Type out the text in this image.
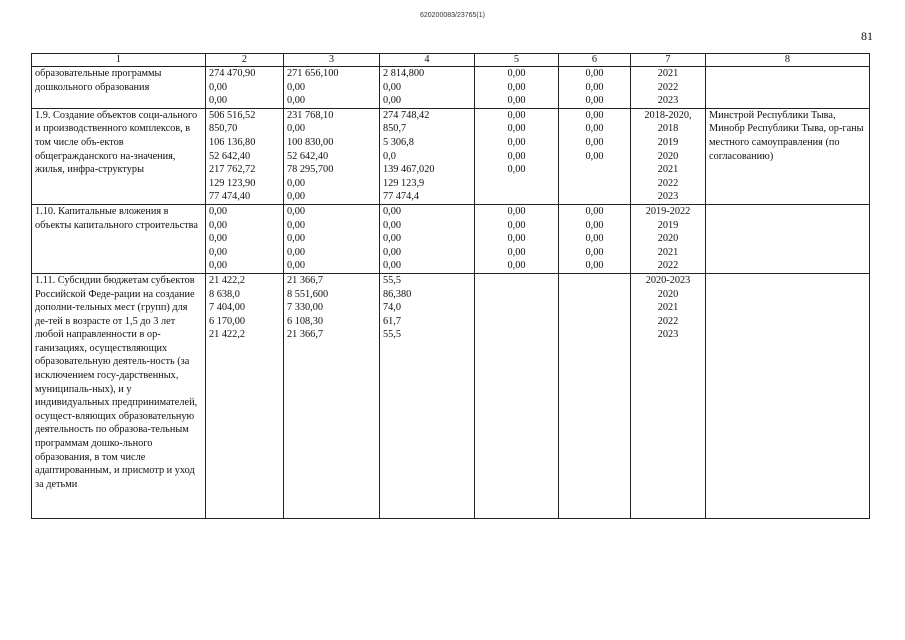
620200083/23765(1)
81
1	2	3	4	5	6	7	8
образовательные программы дошкольного образования	274 470,90	271 656,100	2 814,800	0,00	0,00	2021	
	0,00	0,00	0,00	0,00	0,00	2022	
	0,00	0,00	0,00	0,00	0,00	2023	
1.9. Создание объектов соци-ального и производственного комплексов, в том числе объ-ектов общегражданского на-значения, жилья, инфра-структуры	506 516,52	231 768,10	274 748,42	0,00	0,00	2018-2020,	Минстрой Республики Тыва, Минобр Республики Тыва, ор-ганы местного самоуправления (по согласованию)
	850,70	0,00	850,7	0,00	0,00	2018	
	106 136,80	100 830,00	5 306,8	0,00	0,00	2019	
	52 642,40	52 642,40	0,0	0,00	0,00	2020	
	217 762,72	78 295,700	139 467,020	0,00		2021	
	129 123,90	0,00	129 123,9			2022	
	77 474,40	0,00	77 474,4			2023	
1.10. Капитальные вложения в объекты капитального строительства	0,00	0,00	0,00	0,00	0,00	2019-2022	
	0,00	0,00	0,00	0,00	0,00	2019	
	0,00	0,00	0,00	0,00	0,00	2020	
	0,00	0,00	0,00	0,00	0,00	2021	
	0,00	0,00	0,00	0,00	0,00	2022	
1.11. Субсидии бюджетам субъектов Российской Феде-рации на создание дополни-тельных мест (групп) для де-тей в возрасте от 1,5 до 3 лет любой направленности в ор-ганизациях, осуществляющих образовательную деятель-ность (за исключением госу-дарственных, муниципаль-ных), и у индивидуальных предпринимателей, осущест-вляющих образовательную деятельность по образова-тельным программам дошко-льного образования, в том числе адаптированным, и присмотр и уход за детьми	21 422,2	21 366,7	55,5			2020-2023	
	8 638,0	8 551,600	86,380			2020	
	7 404,00	7 330,00	74,0			2021	
	6 170,00	6 108,30	61,7			2022	
	21 422,2	21 366,7	55,5			2023	
